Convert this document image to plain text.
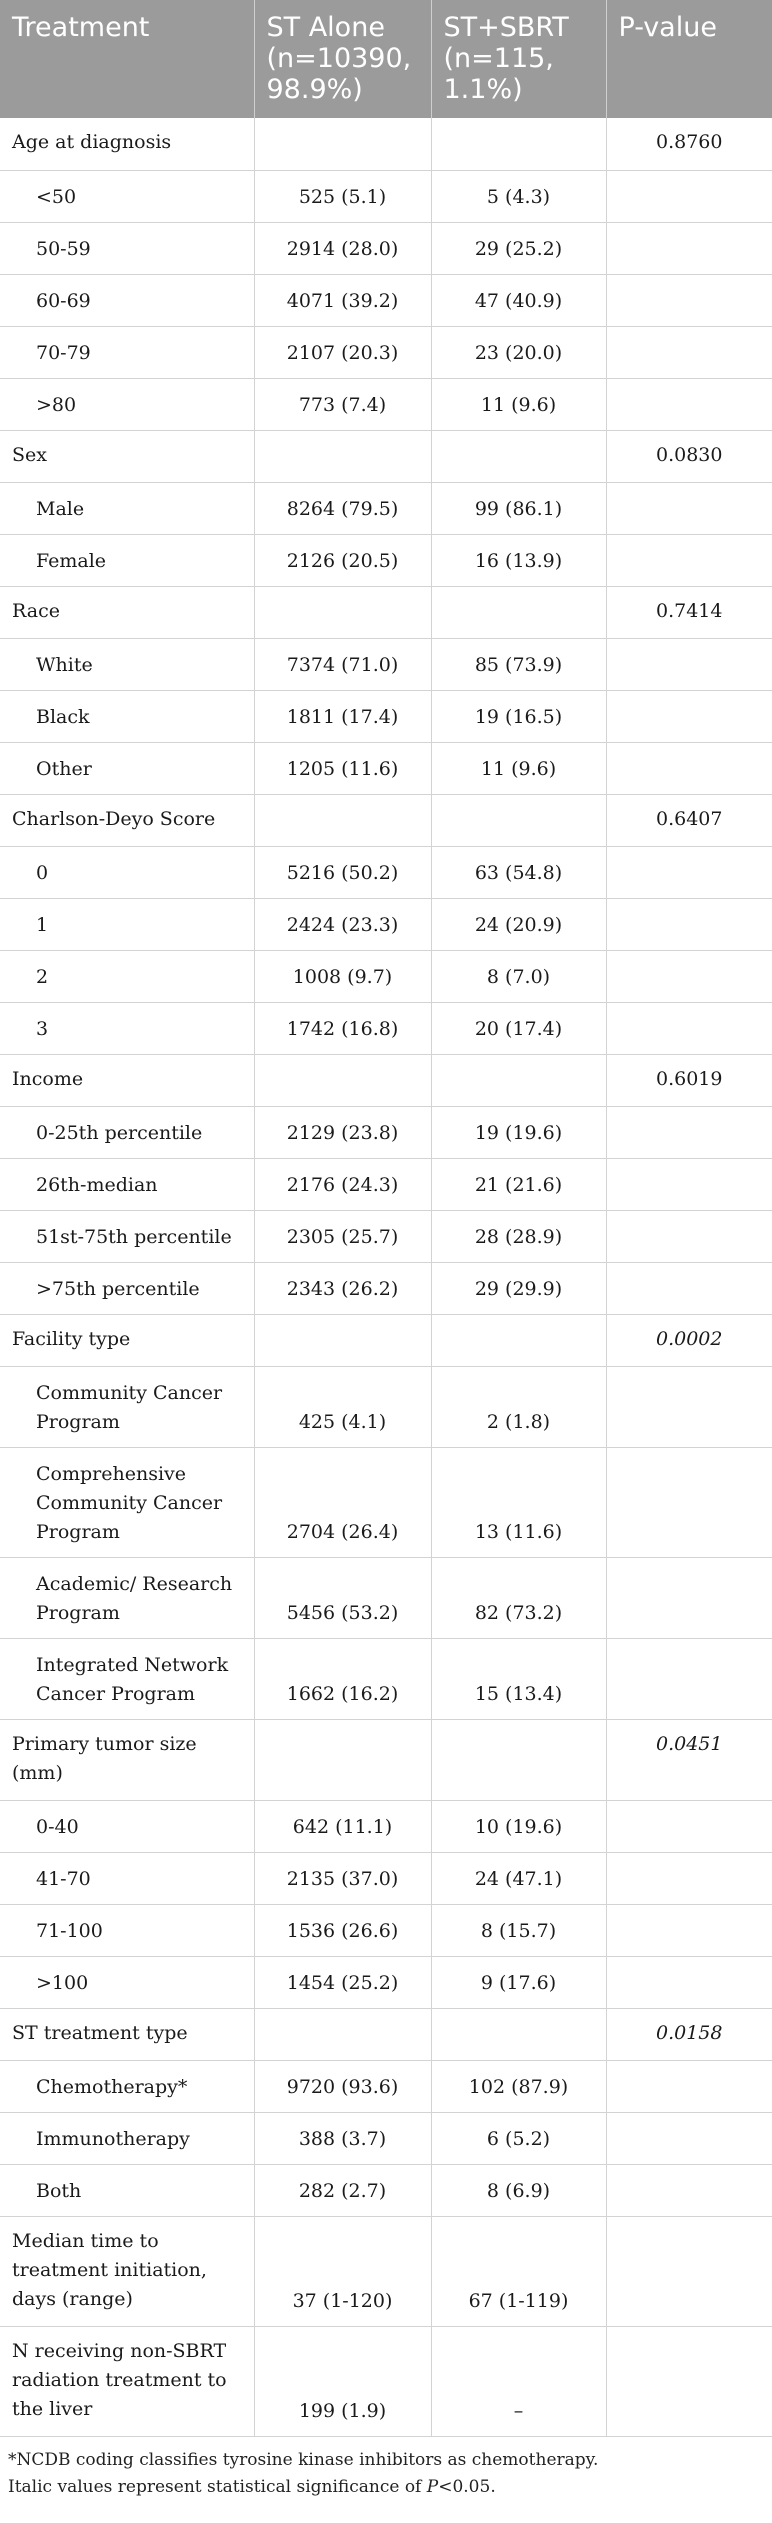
Treatment	ST Alone (n=10390, 98.9%)	ST+SBRT (n=115, 1.1%)	P-value
Age at diagnosis			0.8760
<50	525 (5.1)	5 (4.3)	
50-59	2914 (28.0)	29 (25.2)	
60-69	4071 (39.2)	47 (40.9)	
70-79	2107 (20.3)	23 (20.0)	
>80	773 (7.4)	11 (9.6)	
Sex			0.0830
Male	8264 (79.5)	99 (86.1)	
Female	2126 (20.5)	16 (13.9)	
Race			0.7414
White	7374 (71.0)	85 (73.9)	
Black	1811 (17.4)	19 (16.5)	
Other	1205 (11.6)	11 (9.6)	
Charlson-Deyo Score			0.6407
0	5216 (50.2)	63 (54.8)	
1	2424 (23.3)	24 (20.9)	
2	1008 (9.7)	8 (7.0)	
3	1742 (16.8)	20 (17.4)	
Income			0.6019
0-25th percentile	2129 (23.8)	19 (19.6)	
26th-median	2176 (24.3)	21 (21.6)	
51st-75th percentile	2305 (25.7)	28 (28.9)	
>75th percentile	2343 (26.2)	29 (29.9)	
Facility type			0.0002
Community Cancer Program	425 (4.1)	2 (1.8)	
Comprehensive Community Cancer Program	2704 (26.4)	13 (11.6)	
Academic/ Research Program	5456 (53.2)	82 (73.2)	
Integrated Network Cancer Program	1662 (16.2)	15 (13.4)	
Primary tumor size (mm)			0.0451
0-40	642 (11.1)	10 (19.6)	
41-70	2135 (37.0)	24 (47.1)	
71-100	1536 (26.6)	8 (15.7)	
>100	1454 (25.2)	9 (17.6)	
ST treatment type			0.0158
Chemotherapy*	9720 (93.6)	102 (87.9)	
Immunotherapy	388 (3.7)	6 (5.2)	
Both	282 (2.7)	8 (6.9)	
Median time to treatment initiation, days (range)	37 (1-120)	67 (1-119)	
N receiving non-SBRT radiation treatment to the liver	199 (1.9)	–	
*NCDB coding classifies tyrosine kinase inhibitors as chemotherapy.
Italic values represent statistical significance of P<0.05.
